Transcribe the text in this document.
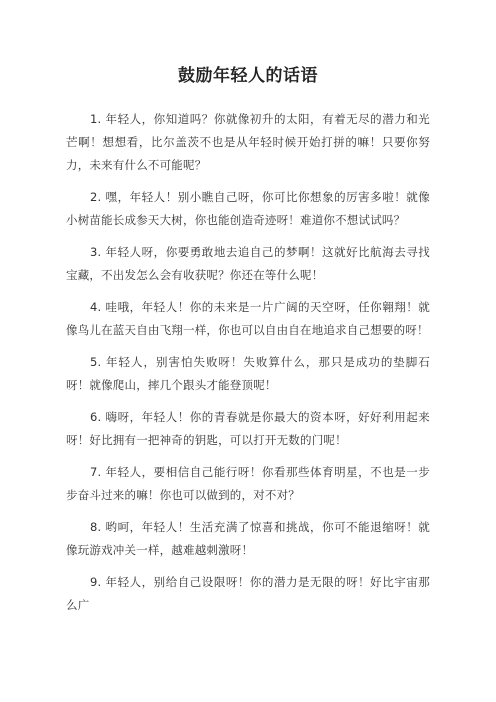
鼓励年轻人的话语

1. 年轻人，你知道吗？你就像初升的太阳，有着无尽的潜力和光芒啊！想想看，比尔盖茨不也是从年轻时候开始打拼的嘛！只要你努力，未来有什么不可能呢？

2. 嘿，年轻人！别小瞧自己呀，你可比你想象的厉害多啦！就像小树苗能长成参天大树，你也能创造奇迹呀！难道你不想试试吗？

3. 年轻人呀，你要勇敢地去追自己的梦啊！这就好比航海去寻找宝藏，不出发怎么会有收获呢？你还在等什么呢！

4. 哇哦，年轻人！你的未来是一片广阔的天空呀，任你翱翔！就像鸟儿在蓝天自由飞翔一样，你也可以自由自在地追求自己想要的呀！

5. 年轻人，别害怕失败呀！失败算什么，那只是成功的垫脚石呀！就像爬山，摔几个跟头才能登顶呢！

6. 嗨呀，年轻人！你的青春就是你最大的资本呀，好好利用起来呀！好比拥有一把神奇的钥匙，可以打开无数的门呢！

7. 年轻人，要相信自己能行呀！你看那些体育明星，不也是一步步奋斗过来的嘛！你也可以做到的，对不对？

8. 哟呵，年轻人！生活充满了惊喜和挑战，你可不能退缩呀！就像玩游戏冲关一样，越难越刺激呀！

9. 年轻人，别给自己设限呀！你的潜力是无限的呀！好比宇宙那么广
